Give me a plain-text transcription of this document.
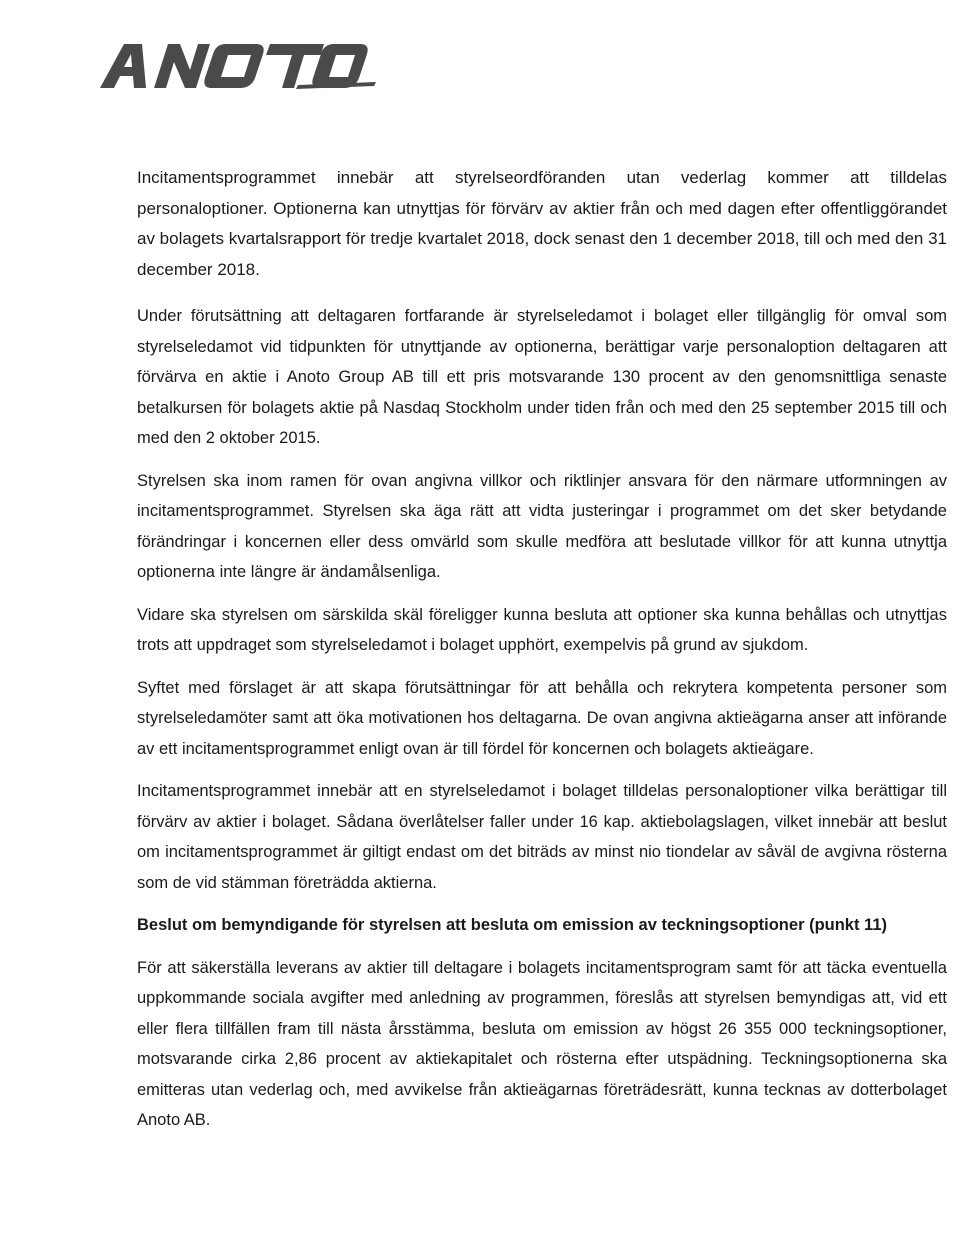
Incitamentsprogrammet innebär att styrelseordföranden utan vederlag kommer att tilldelas personaloptioner. Optionerna kan utnyttjas för förvärv av aktier från och med dagen efter offentliggörandet av bolagets kvartalsrapport för tredje kvartalet 2018, dock senast den 1 december 2018, till och med den 31 december 2018.

Under förutsättning att deltagaren fortfarande är styrelseledamot i bolaget eller tillgänglig för omval som styrelseledamot vid tidpunkten för utnyttjande av optionerna, berättigar varje personaloption deltagaren att förvärva en aktie i Anoto Group AB till ett pris motsvarande 130 procent av den genomsnittliga senaste betalkursen för bolagets aktie på Nasdaq Stockholm under tiden från och med den 25 september 2015 till och med den 2 oktober 2015.

Styrelsen ska inom ramen för ovan angivna villkor och riktlinjer ansvara för den närmare utformningen av incitamentsprogrammet. Styrelsen ska äga rätt att vidta justeringar i programmet om det sker betydande förändringar i koncernen eller dess omvärld som skulle medföra att beslutade villkor för att kunna utnyttja optionerna inte längre är ändamålsenliga.

Vidare ska styrelsen om särskilda skäl föreligger kunna besluta att optioner ska kunna behållas och utnyttjas trots att uppdraget som styrelseledamot i bolaget upphört, exempelvis på grund av sjukdom.

Syftet med förslaget är att skapa förutsättningar för att behålla och rekrytera kompetenta personer som styrelseledamöter samt att öka motivationen hos deltagarna. De ovan angivna aktieägarna anser att införande av ett incitamentsprogrammet enligt ovan är till fördel för koncernen och bolagets aktieägare.

Incitamentsprogrammet innebär att en styrelseledamot i bolaget tilldelas personaloptioner vilka berättigar till förvärv av aktier i bolaget. Sådana överlåtelser faller under 16 kap. aktiebolagslagen, vilket innebär att beslut om incitamentsprogrammet är giltigt endast om det biträds av minst nio tiondelar av såväl de avgivna rösterna som de vid stämman företrädda aktierna.

Beslut om bemyndigande för styrelsen att besluta om emission av teckningsoptioner (punkt 11)

För att säkerställa leverans av aktier till deltagare i bolagets incitamentsprogram samt för att täcka eventuella uppkommande sociala avgifter med anledning av programmen, föreslås att styrelsen bemyndigas att, vid ett eller flera tillfällen fram till nästa årsstämma, besluta om emission av högst 26 355 000 teckningsoptioner, motsvarande cirka 2,86 procent av aktiekapitalet och rösterna efter utspädning. Teckningsoptionerna ska emitteras utan vederlag och, med avvikelse från aktieägarnas företrädesrätt, kunna tecknas av dotterbolaget Anoto AB.
